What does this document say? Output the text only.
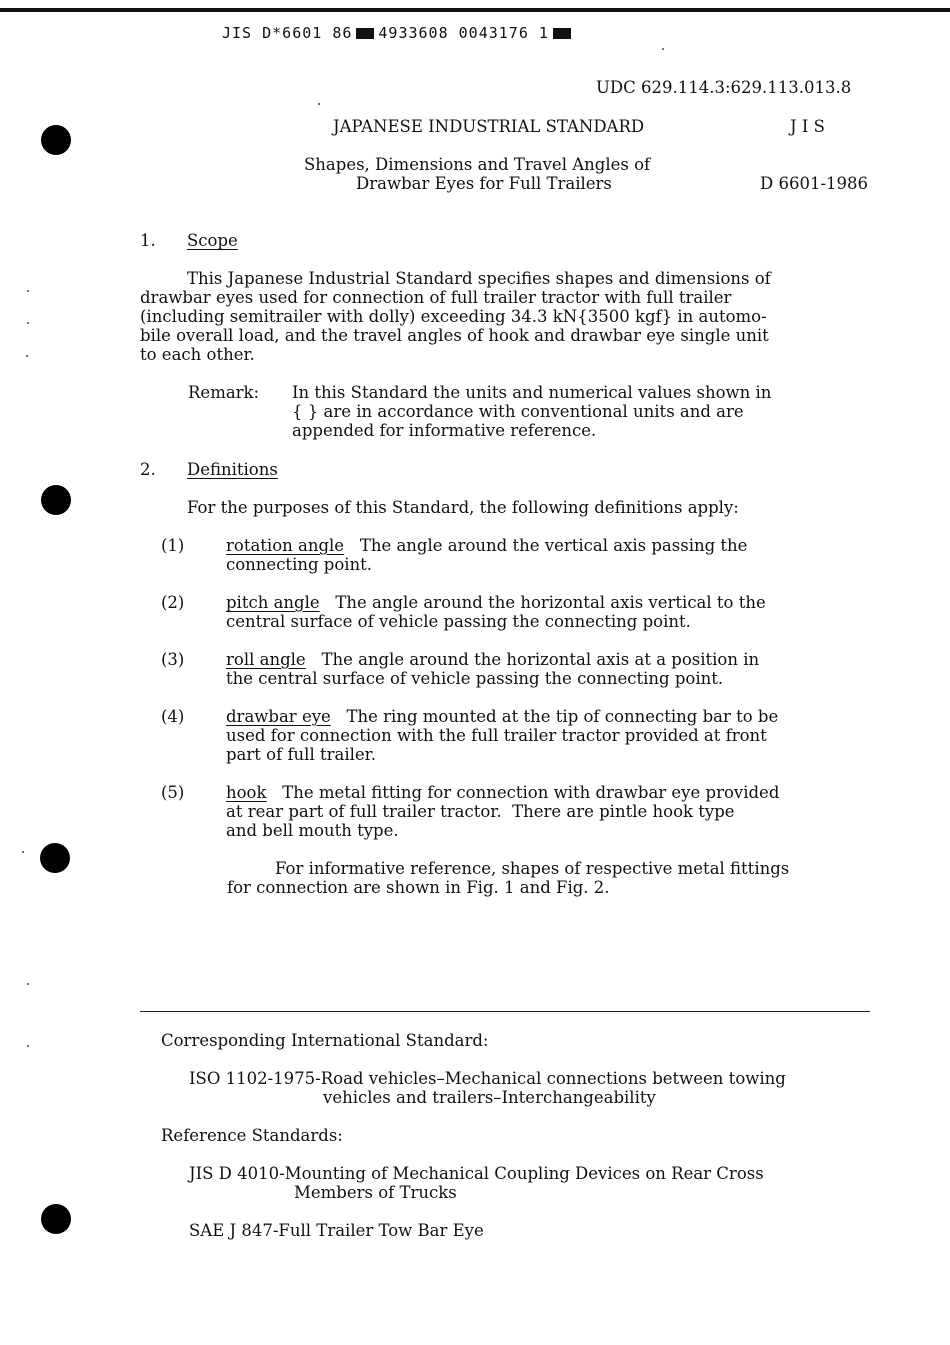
JIS D*6601 86 4933608 0043176 1
UDC 629.114.3:629.113.013.8
JAPANESE INDUSTRIAL STANDARD	J I S
Shapes, Dimensions and Travel Angles of
Drawbar Eyes for Full Trailers	D 6601-1986
1. Scope
This Japanese Industrial Standard specifies shapes and dimensions of
drawbar eyes used for connection of full trailer tractor with full trailer
(including semitrailer with dolly) exceeding 34.3 kN{3500 kgf} in automo-
bile overall load, and the travel angles of hook and drawbar eye single unit
to each other.
Remark: In this Standard the units and numerical values shown in
{ } are in accordance with conventional units and are
appended for informative reference.
2. Definitions
For the purposes of this Standard, the following definitions apply:
(1)	rotation angle   The angle around the vertical axis passing the
connecting point.
(2)	pitch angle   The angle around the horizontal axis vertical to the
central surface of vehicle passing the connecting point.
(3)	roll angle   The angle around the horizontal axis at a position in
the central surface of vehicle passing the connecting point.
(4)	drawbar eye   The ring mounted at the tip of connecting bar to be
used for connection with the full trailer tractor provided at front
part of full trailer.
(5)	hook   The metal fitting for connection with drawbar eye provided
at rear part of full trailer tractor.  There are pintle hook type
and bell mouth type.
For informative reference, shapes of respective metal fittings
for connection are shown in Fig. 1 and Fig. 2.
Corresponding International Standard:
ISO 1102-1975-Road vehicles–Mechanical connections between towing
vehicles and trailers–Interchangeability
Reference Standards:
JIS D 4010-Mounting of Mechanical Coupling Devices on Rear Cross
Members of Trucks
SAE J 847-Full Trailer Tow Bar Eye
